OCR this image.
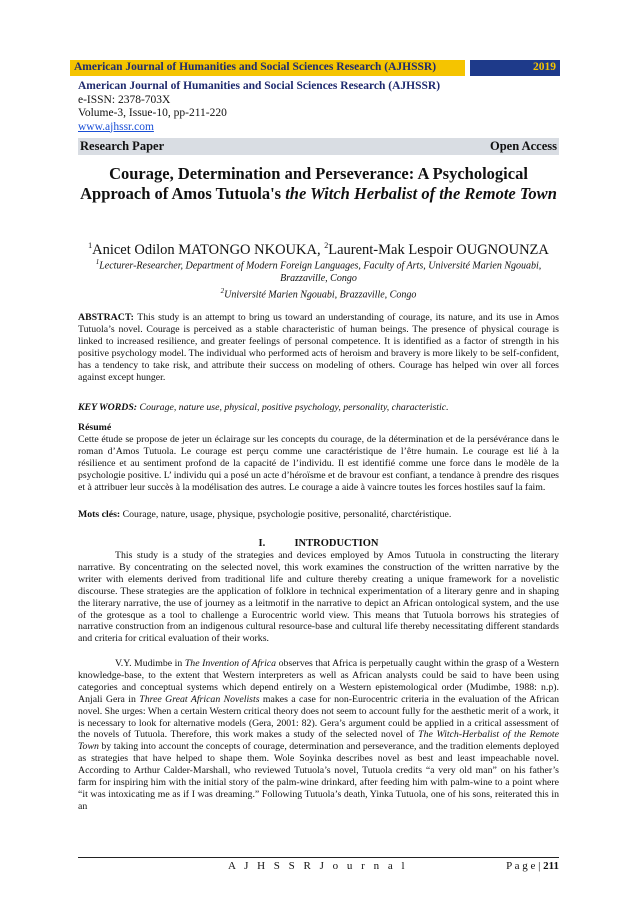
American Journal of Humanities and Social Sciences Research (AJHSSR)	2019
American Journal of Humanities and Social Sciences Research (AJHSSR)
e-ISSN: 2378-703X
Volume-3, Issue-10, pp-211-220
www.ajhssr.com
Research Paper	Open Access
Courage, Determination and Perseverance: A Psychological Approach of Amos Tutuola's the Witch Herbalist of the Remote Town
$^1$Anicet Odilon MATONGO NKOUKA, $^2$Laurent-Mak Lespoir OUGNOUNZA
$^1$Lecturer-Researcher, Department of Modern Foreign Languages, Faculty of Arts, Université Marien Ngouabi, Brazzaville, Congo
$^2$Université Marien Ngouabi, Brazzaville, Congo
ABSTRACT: This study is an attempt to bring us toward an understanding of courage, its nature, and its use in Amos Tutuola’s novel. Courage is perceived as a stable characteristic of human beings. The presence of physical courage is linked to increased resilience, and greater feelings of personal competence. It is identified as a factor of strength in his positive psychology model. The individual who performed acts of heroism and bravery is more likely to be self-confident, has a tendency to take risk, and attribute their success on modeling of others. Courage has helped win over all forces against except hunger.
KEY WORDS: Courage, nature use, physical, positive psychology, personality, characteristic.
Résumé
Cette étude se propose de jeter un éclairage sur les concepts du courage, de la détermination et de la persévérance dans le roman d’Amos Tutuola. Le courage est perçu comme une caractéristique de l’être humain. Le courage est lié à la résilience et au sentiment profond de la capacité de l’individu. Il est identifié comme une force dans le modèle de la psychologie positive. L’ individu qui a posé un acte d’héroïsme et de bravour est confiant, a tendance à prendre des risques et à attribuer leur succès à la modélisation des autres. Le courage a aide à vaincre toutes les forces hostiles sauf la faim.
Mots clés: Courage, nature, usage, physique, psychologie positive, personalité, charctéristique.
I.	INTRODUCTION
This study is a study of the strategies and devices employed by Amos Tutuola in constructing the literary narrative. By concentrating on the selected novel, this work examines the construction of the written narrative by the writer with elements derived from traditional life and culture thereby creating a unique framework for a novelistic discourse. These strategies are the application of folklore in technical experimentation of a literary genre and in shaping the literary narrative, the use of journey as a leitmotif in the narrative to depict an African ontological system, and the use of the grotesque as a tool to challenge a Eurocentric world view. This means that Tutuola borrows his strategies of narrative construction from an indigenous cultural resource-base and cultural life thereby necessitating different standards and criteria for critical evaluation of their works.
V.Y. Mudimbe in The Invention of Africa observes that Africa is perpetually caught within the grasp of a Western knowledge-base, to the extent that Western interpreters as well as African analysts could be said to have been using categories and conceptual systems which depend entirely on a Western epistemological order (Mudimbe, 1988: n.p). Anjali Gera in Three Great African Novelists makes a case for non-Eurocentric criteria in the evaluation of the African novel. She urges: When a certain Western critical theory does not seem to account fully for the aesthetic merit of a work, it is necessary to look for alternative models (Gera, 2001: 82). Gera’s argument could be applied in a critical assessment of the novels of Tutuola. Therefore, this work makes a study of the selected novel of The Witch-Herbalist of the Remote Town by taking into account the concepts of courage, determination and perseverance, and the tradition elements deployed as strategies that have helped to shape them. Wole Soyinka describes novel as best and least impeachable novel. According to Arthur Calder-Marshall, who reviewed Tutuola’s novel, Tutuola credits “a very old man” on his father’s farm for inspiring him with the initial story of the palm-wine drinkard, after feeding him with palm-wine to a point where “it was intoxicating me as if I was dreaming.” Following Tutuola’s death, Yinka Tutuola, one of his sons, reiterated this in an
A J H S S R J o u r n a l	P a g e | 211
